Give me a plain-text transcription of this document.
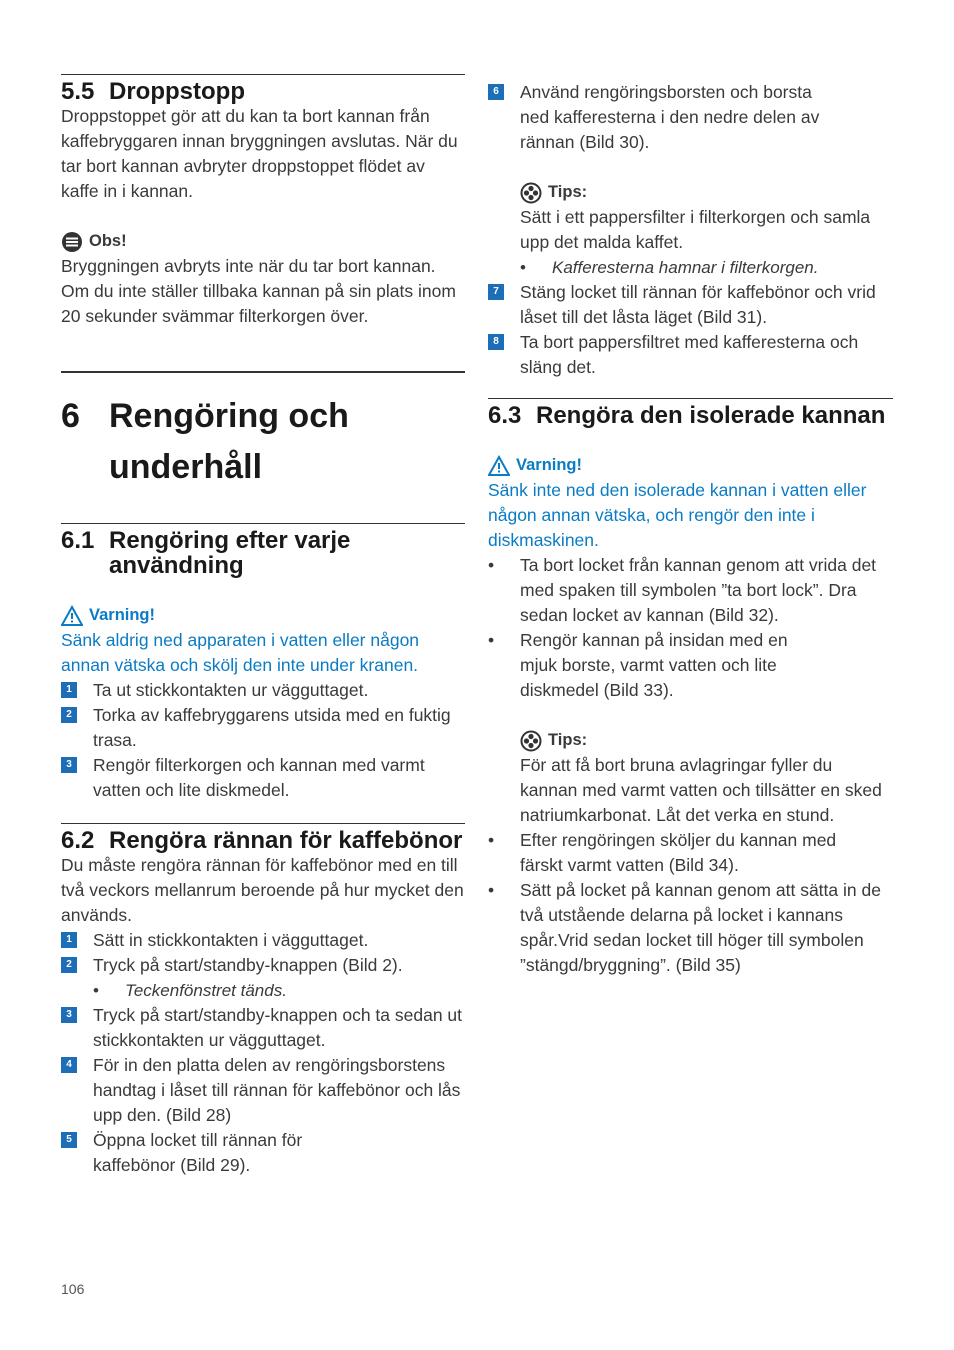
5.5 Droppstopp

Droppstoppet gör att du kan ta bort kannan från kaffebryggaren innan bryggningen avslutas. När du tar bort kannan avbryter droppstoppet flödet av kaffe in i kannan.

Obs!

Bryggningen avbryts inte när du tar bort kannan. Om du inte ställer tillbaka kannan på sin plats inom 20 sekunder svämmar filterkorgen över.

6 Rengöring och underhåll
6.1 Rengöring efter varje användning
Varning!

Sänk aldrig ned apparaten i vatten eller någon annan vätska och skölj den inte under kranen.

1 Ta ut stickkontakten ur vägguttaget.
2 Torka av kaffebryggarens utsida med en fuktig trasa.
3 Rengör filterkorgen och kannan med varmt vatten och lite diskmedel.
6.2 Rengöra rännan för kaffebönor

Du måste rengöra rännan för kaffebönor med en till två veckors mellanrum beroende på hur mycket den används.

1 Sätt in stickkontakten i vägguttaget.
2 Tryck på start/standby-knappen (Bild 2).
•	Teckenfönstret tänds.
3 Tryck på start/standby-knappen och ta sedan ut stickkontakten ur vägguttaget.
4 För in den platta delen av rengöringsborstens handtag i låset till rännan för kaffebönor och lås upp den. (Bild 28)
5 Öppna locket till rännan för kaffebönor (Bild 29).
6 Använd rengöringsborsten och borsta ned kafferesterna i den nedre delen av rännan (Bild 30).
Tips:

Sätt i ett pappersfilter i filterkorgen och samla upp det malda kaffet.

•	Kafferesterna hamnar i filterkorgen.
7 Stäng locket till rännan för kaffebönor och vrid låset till det låsta läget (Bild 31).
8 Ta bort pappersfiltret med kafferesterna och släng det.
6.3 Rengöra den isolerade kannan
Varning!

Sänk inte ned den isolerade kannan i vatten eller någon annan vätska, och rengör den inte i diskmaskinen.

•	Ta bort locket från kannan genom att vrida det med spaken till symbolen ”ta bort lock”. Dra sedan locket av kannan (Bild 32).
•	Rengör kannan på insidan med en mjuk borste, varmt vatten och lite diskmedel (Bild 33).
Tips:

För att få bort bruna avlagringar fyller du kannan med varmt vatten och tillsätter en sked natriumkarbonat. Låt det verka en stund.

•	Efter rengöringen sköljer du kannan med färskt varmt vatten (Bild 34).
•	Sätt på locket på kannan genom att sätta in de två utstående delarna på locket i kannans spår.Vrid sedan locket till höger till symbolen ”stängd/bryggning”. (Bild 35)
106
